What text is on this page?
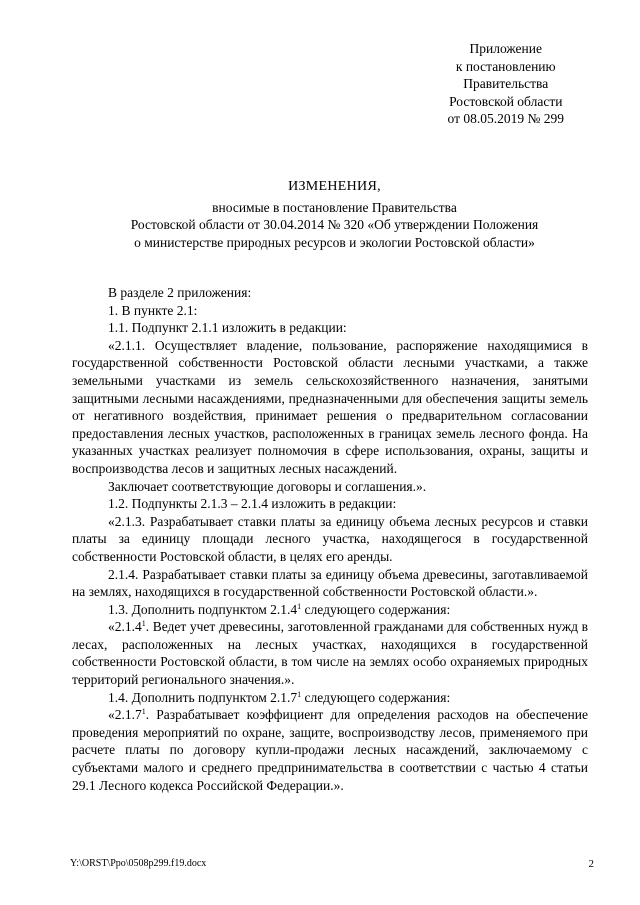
Приложение
к постановлению
Правительства
Ростовской области
от 08.05.2019 № 299
ИЗМЕНЕНИЯ,
вносимые в постановление Правительства
Ростовской области от 30.04.2014 № 320 «Об утверждении Положения
о министерстве природных ресурсов и экологии Ростовской области»

В разделе 2 приложения:

1. В пункте 2.1:

1.1. Подпункт 2.1.1 изложить в редакции:

«2.1.1. Осуществляет владение, пользование, распоряжение находящимися в государственной собственности Ростовской области лесными участками, а также земельными участками из земель сельскохозяйственного назначения, занятыми защитными лесными насаждениями, предназначенными для обеспечения защиты земель от негативного воздействия, принимает решения о предварительном согласовании предоставления лесных участков, расположенных в границах земель лесного фонда. На указанных участках реализует полномочия в сфере использования, охраны, защиты и воспроизводства лесов и защитных лесных насаждений.

Заключает соответствующие договоры и соглашения.».

1.2. Подпункты 2.1.3 – 2.1.4 изложить в редакции:

«2.1.3. Разрабатывает ставки платы за единицу объема лесных ресурсов и ставки платы за единицу площади лесного участка, находящегося в государственной собственности Ростовской области, в целях его аренды.

2.1.4. Разрабатывает ставки платы за единицу объема древесины, заготавливаемой на землях, находящихся в государственной собственности Ростовской области.».

1.3. Дополнить подпунктом 2.1.4$^1$ следующего содержания:

«2.1.4$^1$. Ведет учет древесины, заготовленной гражданами для собственных нужд в лесах, расположенных на лесных участках, находящихся в государственной собственности Ростовской области, в том числе на землях особо охраняемых природных территорий регионального значения.».

1.4. Дополнить подпунктом 2.1.7$^1$ следующего содержания:

«2.1.7$^1$. Разрабатывает коэффициент для определения расходов на обеспечение проведения мероприятий по охране, защите, воспроизводству лесов, применяемого при расчете платы по договору купли-продажи лесных насаждений, заключаемому с субъектами малого и среднего предпринимательства в соответствии с частью 4 статьи 29.1 Лесного кодекса Российской Федерации.».

Y:\ORST\Ppo\0508p299.f19.docx	2
